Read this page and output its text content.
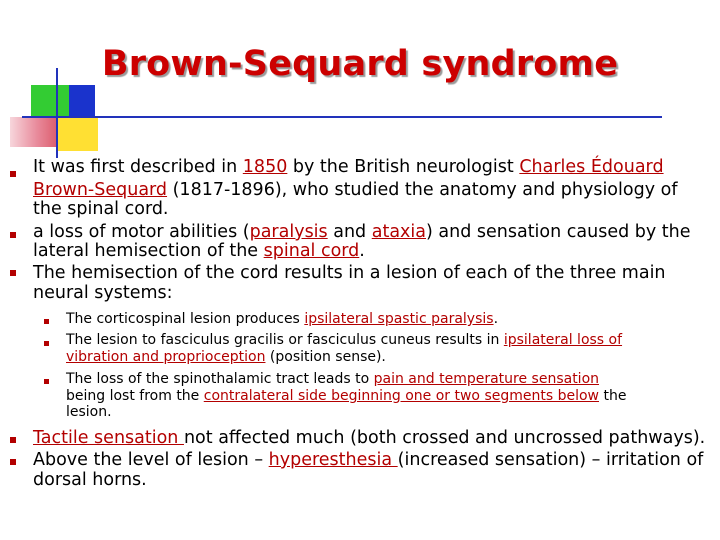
Brown-Sequard syndrome
It was first described in 1850 by the British neurologist Charles Édouard
Brown-Sequard (1817-1896), who studied the anatomy and physiology of
the spinal cord.
a loss of motor abilities (paralysis and ataxia) and sensation caused by the
lateral hemisection of the spinal cord.
The hemisection of the cord results in a lesion of each of the three main
neural systems:
The corticospinal lesion produces ipsilateral spastic paralysis.
The lesion to fasciculus gracilis or fasciculus cuneus results in ipsilateral loss of
vibration and proprioception (position sense).
The loss of the spinothalamic tract leads to pain and temperature sensation
being lost from the contralateral side beginning one or two segments below the
lesion.
Tactile sensation not affected much (both crossed and uncrossed pathways).
Above the level of lesion – hyperesthesia (increased sensation) – irritation of
dorsal horns.
